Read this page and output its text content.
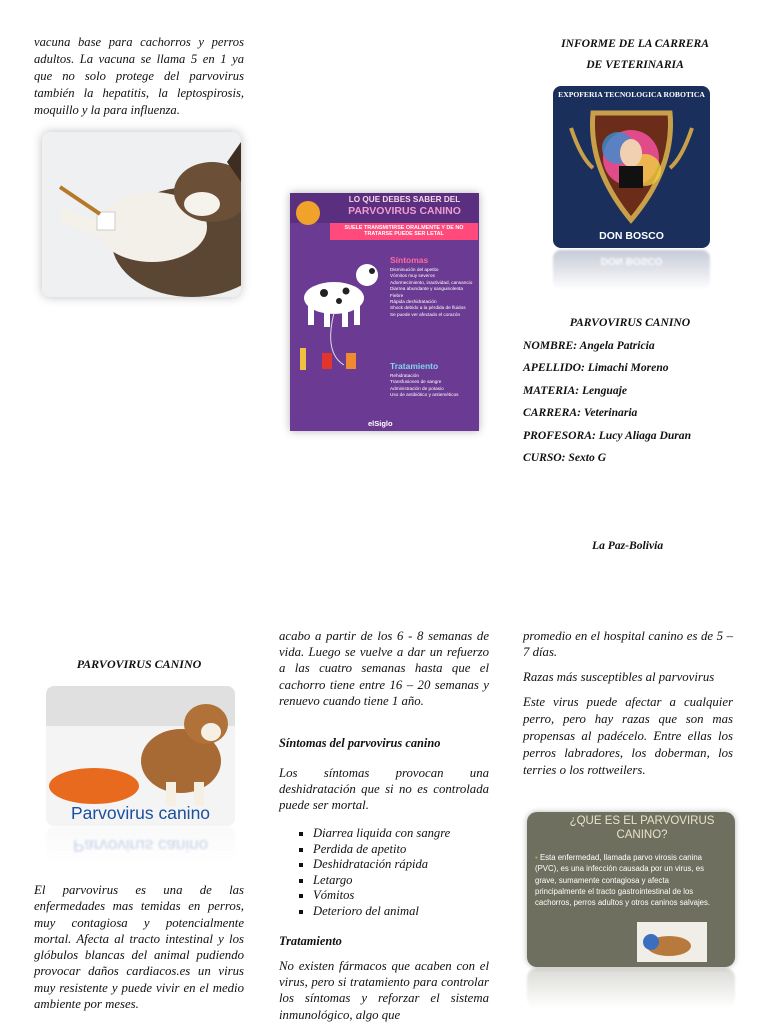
vacuna base para cachorros y perros adultos. La vacuna se llama 5 en 1 ya que no solo protege del parvovirus también la hepatitis, la leptospirosis, moquillo y la para influenza.

LO QUE DEBES SABER DEL
PARVOVIRUS CANINO
SUELE TRANSMITIRSE ORALMENTE Y DE NO TRATARSE PUEDE SER LETAL
Síntomas
Disminución del apetito
Vómitos muy severos
Adormecimiento, inactividad, cansancio
Diarrea abundante y sanguinolenta
Fiebre
Rápida deshidratación
Shock debido a la pérdida de fluidos
Se puede ver afectado el corazón
Tratamiento
Rehidratación
Transfusiones de sangre
Administración de potasio
Uso de antibiótico y antieméticos
elSiglo
INFORME DE LA CARRERA
DE VETERINARIA
EXPOFERIA TECNOLOGICA ROBOTICA
DON BOSCO
DON BOSCO
PARVOVIRUS CANINO
NOMBRE: Angela Patricia
APELLIDO: Limachi Moreno
MATERIA: Lenguaje
CARRERA: Veterinaria
PROFESORA: Lucy Aliaga Duran
CURSO: Sexto G
La Paz-Bolivia
PARVOVIRUS CANINO
Parvovirus canino
Parvovirus canino

El parvovirus es una de las enfermedades mas temidas en perros, muy contagiosa y potencialmente mortal. Afecta al tracto intestinal y los glóbulos blancas del animal pudiendo provocar daños cardiacos.es un virus muy resistente y puede vivir en el medio ambiente por meses.

acabo a partir de los 6 - 8 semanas de vida. Luego se vuelve a dar un refuerzo a las cuatro semanas hasta que el cachorro tiene entre 16 – 20 semanas y renuevo cuando tiene 1 año.

Síntomas del parvovirus canino

Los síntomas provocan una deshidratación que si no es controlada puede ser mortal.

▪ Diarrea liquida con sangre
▪ Perdida de apetito
▪ Deshidratación rápida
▪ Letargo
▪ Vómitos
▪ Deterioro del animal
Tratamiento

No existen fármacos que acaben con el virus, pero si tratamiento para controlar los síntomas y reforzar el sistema inmunológico, algo que

promedio en el hospital canino es de 5 – 7 días.

Razas más susceptibles al parvovirus

Este virus puede afectar a cualquier perro, pero hay razas que son mas propensas al padécelo. Entre ellas los perros labradores, los doberman, los terries o los rottweilers.

¿QUE ES EL PARVOVIRUS CANINO?
▪ Esta enfermedad, llamada parvo virosis canina (PVC), es una infección causada por un virus, es grave, sumamente contagiosa y afecta principalmente el tracto gastrointestinal de los cachorros, perros adultos y otros caninos salvajes.
